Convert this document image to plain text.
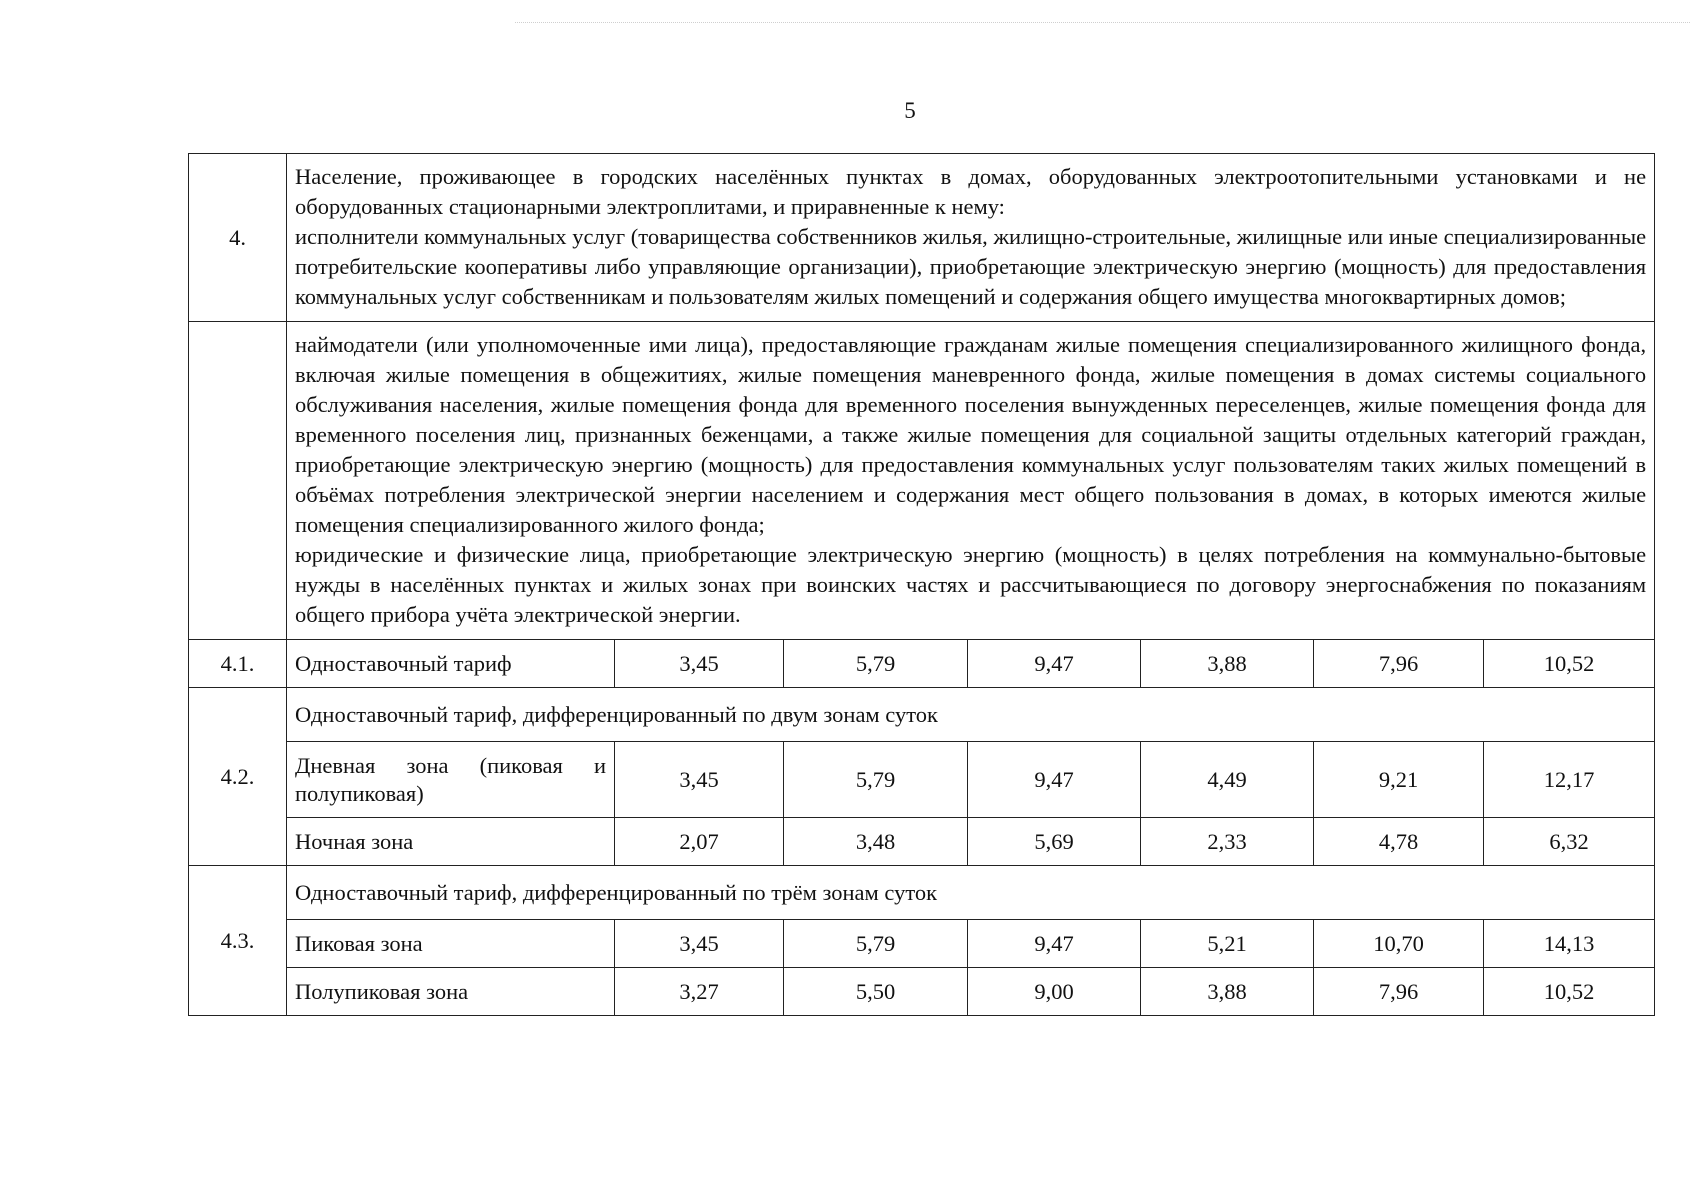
5
4.	Население, проживающее в городских населённых пунктах в домах, оборудованных электроотопительными установками и не оборудованных стационарными электроплитами, и приравненные к нему:
исполнители коммунальных услуг (товарищества собственников жилья, жилищно-строительные, жилищные или иные специализированные потребительские кооперативы либо управляющие организации), приобретающие электрическую энергию (мощность) для предоставления коммунальных услуг собственникам и пользователям жилых помещений и содержания общего имущества многоквартирных домов;						

	наймодатели (или уполномоченные ими лица), предоставляющие гражданам жилые помещения специализированного жилищного фонда, включая жилые помещения в общежитиях, жилые помещения маневренного фонда, жилые помещения в домах системы социального обслуживания населения, жилые помещения фонда для временного поселения вынужденных переселенцев, жилые помещения фонда для временного поселения лиц, признанных беженцами, а также жилые помещения для социальной защиты отдельных категорий граждан, приобретающие электрическую энергию (мощность) для предоставления коммунальных услуг пользователям таких жилых помещений в объёмах потребления электрической энергии населением и содержания мест общего пользования в домах, в которых имеются жилые помещения специализированного жилого фонда;
юридические и физические лица, приобретающие электрическую энергию (мощность) в целях потребления на коммунально-бытовые нужды в населённых пунктах и жилых зонах при воинских частях и рассчитывающиеся по договору энергоснабжения по показаниям общего прибора учёта электрической энергии.						

4.1.	Одноставочный тариф	3,45	5,79	9,47	3,88	7,96	10,52
4.2.	Одноставочный тариф, дифференцированный по двум зонам суток						
	Дневная зона (пиковая и полупиковая)	3,45	5,79	9,47	4,49	9,21	12,17
	Ночная зона	2,07	3,48	5,69	2,33	4,78	6,32
4.3.	Одноставочный тариф, дифференцированный по трём зонам суток						
	Пиковая зона	3,45	5,79	9,47	5,21	10,70	14,13
	Полупиковая зона	3,27	5,50	9,00	3,88	7,96	10,52
